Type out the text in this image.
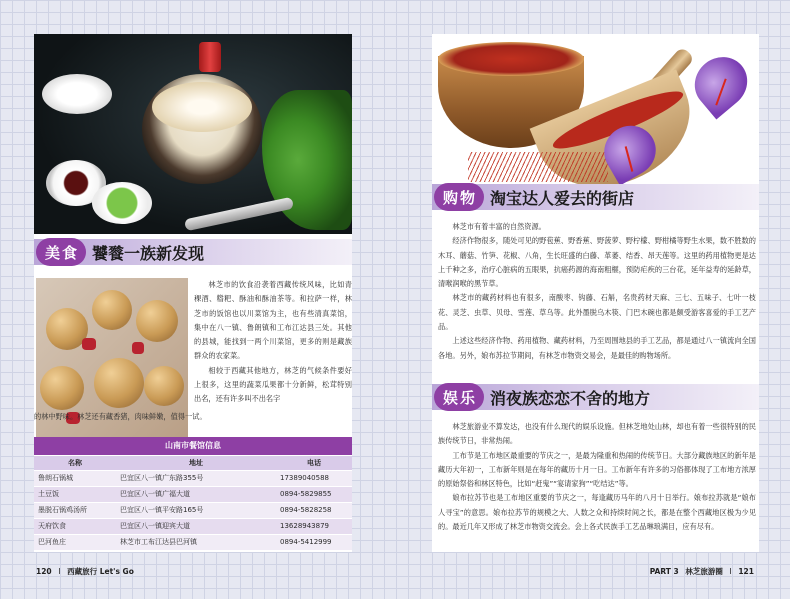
美 食 饕餮一族新发现

林芝市的饮食沿袭着西藏传统风味，比如青稞酒、糌粑、酥油和酥油茶等。和拉萨一样，林芝市的饭馆也以川菜馆为主，也有些清真菜馆，集中在八一镇、鲁朗镇和工布江达县三处。其他的县城，能找到一两个川菜馆，更多的则是藏族群众的农家菜。

相较于西藏其他地方，林芝的气候条件要好上很多，这里的蔬菜瓜果都十分新鲜，松茸特别出名，还有许多叫不出名字

的林中野味。林芝还有藏香猪，肉味鲜嫩，值得一试。
山南市餐馆信息		
名称	地址	电话
鲁朗石锅城	巴宜区八一镇广东路355号	17389040588
土豆饭	巴宜区八一镇广福大道	0894-5829855
墨脱石锅鸡汤所	巴宜区八一镇平安路165号	0894-5828258
天府饮食	巴宜区八一镇迎宾大道	13628943879
巴河鱼庄	林芝市工布江达县巴河镇	0894-5412999
购 物 淘宝达人爱去的街店

林芝市有着丰富的自然资源。

经济作物很多，随处可见的野苞蕉、野香蕉、野菠萝、野柠檬、野柑橘等野生水果，数不胜数的木耳、蘑菇、竹笋、花椒、八角，生长旺盛的白藤、革萎、结香、昂天莲等。这里的药用植物更是达上千种之多，治疗心脏病的五眼果，抗癌药源的海南粗榧，预防疟疾的三台花，延年益寿的延龄草，清喉润喉的黑节草。

林芝市的藏药材料也有很多，南酸枣、钩藤、石斛，名贵药材天麻、三七、五味子、七叶一枝花、灵芝、虫草、贝母、雪莲、草乌等。此外墨脱乌木筷、门巴木碗也都是颇受游客喜爱的手工艺产品。

上述这些经济作物、药用植物、藏药材料，乃至周围地县的手工艺品，都是通过八一镇流向全国各地。另外，娘布苏拉节期间，有林芝市物资交易会，是最佳的购物场所。

娱 乐 消夜族恋恋不舍的地方

林芝旅游业不算发达，也没有什么现代的娱乐设施。但林芝地处山林，却也有着一些很特别的民族传统节日，非常热闹。

工布节是工布地区最重要的节庆之一，是最为隆重和热闹的传统节日。大部分藏族地区的新年是藏历大年初一，工布新年则是在每年的藏历十月一日。工布新年有许多的习俗都体现了工布地方浓厚的原始祭俗和林区特色，比如“赶鬼”“宴请家狗”“吃结达”等。

娘布拉苏节也是工布地区重要的节庆之一，每逢藏历马年的八月十日举行。娘布拉苏就是“娘布人寻宝”的意思。娘布拉苏节的规模之大、人数之众和持续时间之长，都是在整个西藏地区极为少见的。最近几年又形成了林芝市物资交流会。会上各式民族手工艺品琳琅满目，应有尽有。

120 I 西藏旅行 Let's Go	PART 3 林芝旅游圈 I 121
